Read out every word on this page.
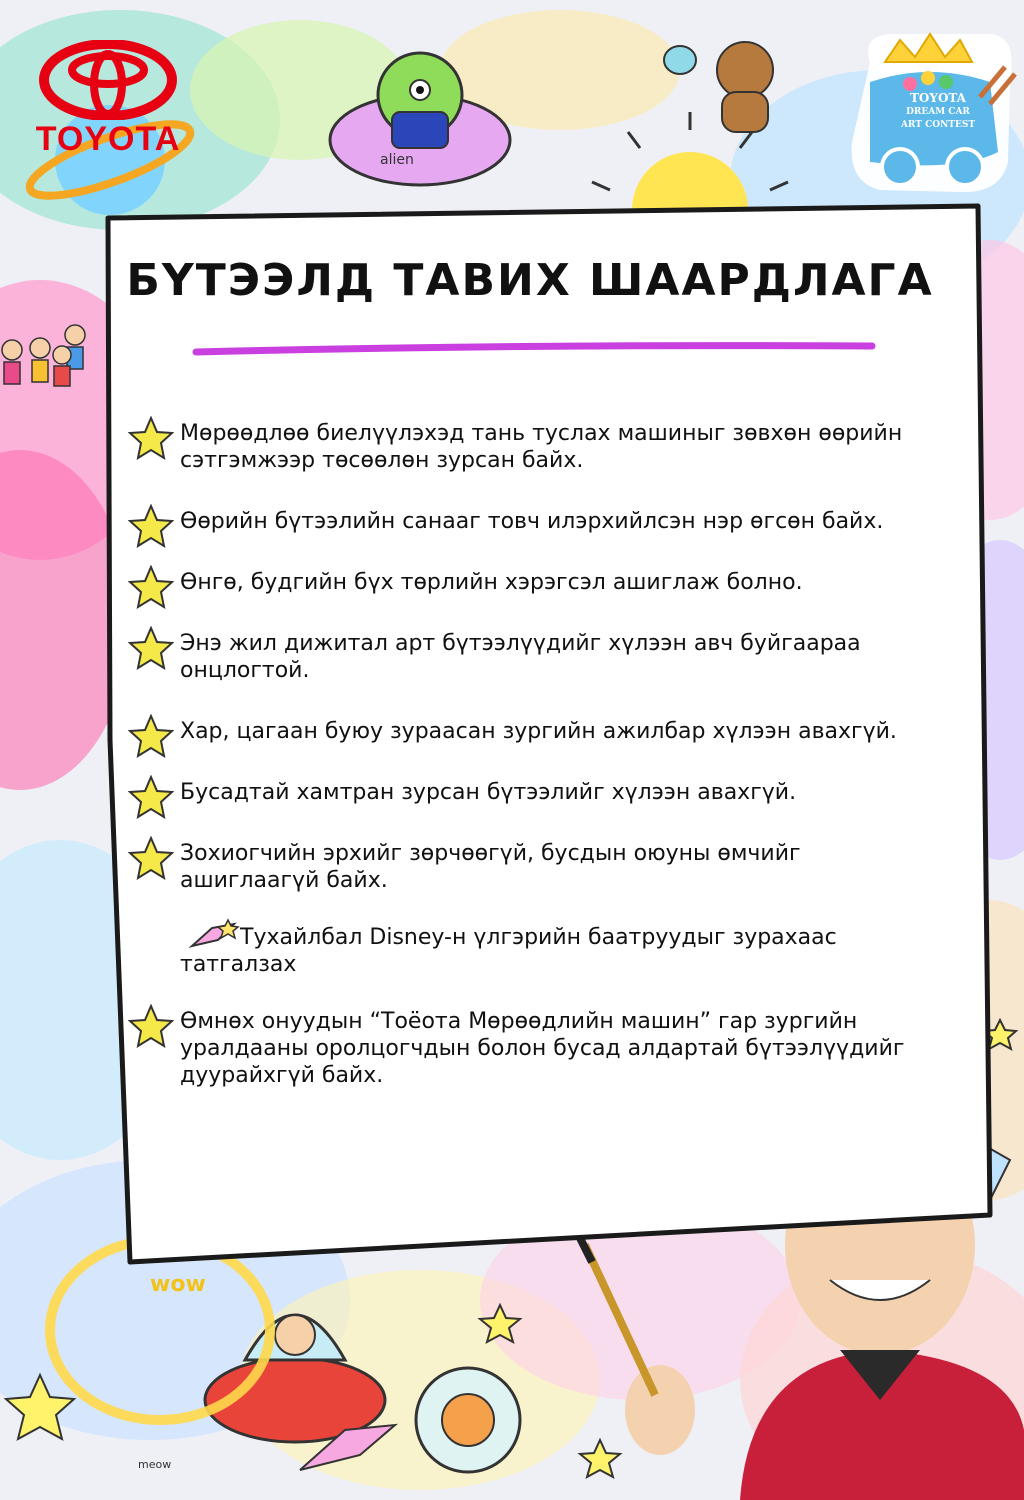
TOYOTA
TOYOTA
DREAM CAR
ART CONTEST
БҮТЭЭЛД ТАВИХ ШААРДЛАГА
Мөрөөдлөө биелүүлэхэд тань туслах машиныг зөвхөн өөрийн сэтгэмжээр төсөөлөн зурсан байх.
Өөрийн бүтээлийн санааг товч илэрхийлсэн нэр өгсөн байх.
Өнгө, будгийн бүх төрлийн хэрэгсэл ашиглаж болно.
Энэ жил дижитал арт бүтээлүүдийг хүлээн авч буйгаараа онцлогтой.
Хар, цагаан буюу зураасан зургийн ажилбар хүлээн авахгүй.
Бусадтай хамтран зурсан бүтээлийг хүлээн авахгүй.
Зохиогчийн эрхийг зөрчөөгүй, бусдын оюуны өмчийг ашиглаагүй байх.
Тухайлбал Disney-н үлгэрийн баатруудыг зурахаас татгалзах
Өмнөх онуудын “Тоёота Мөрөөдлийн машин” гар зургийн уралдааны оролцогчдын болон бусад алдартай бүтээлүүдийг дуурайхгүй байх.
alien
wow
meow
